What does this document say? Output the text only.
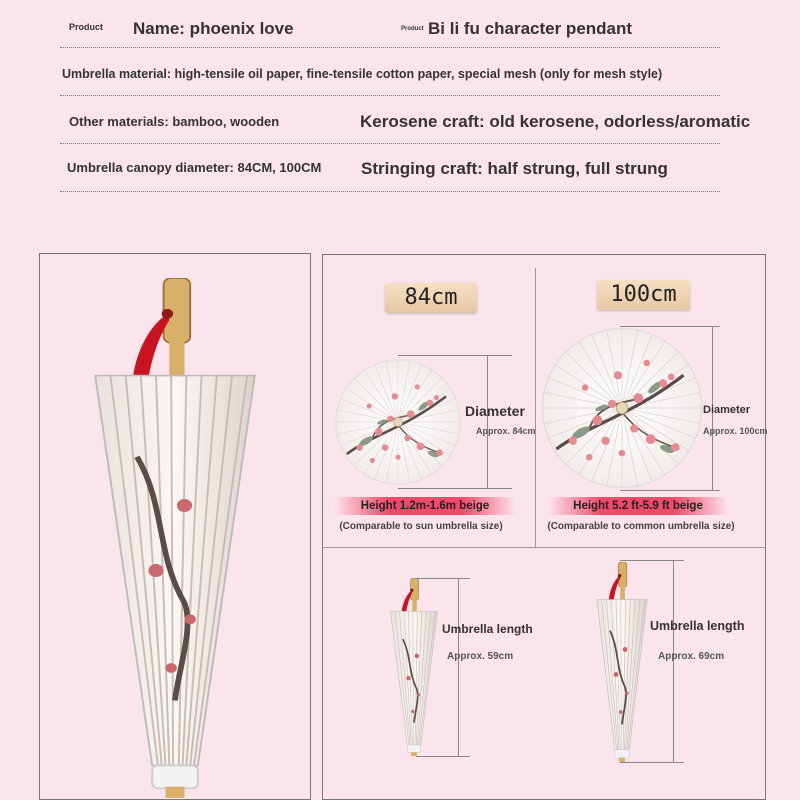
Product Name: phoenix love	Product Bi li fu character pendant
Umbrella material: high-tensile oil paper, fine-tensile cotton paper, special mesh (only for mesh style)
Other materials: bamboo, wooden	Kerosene craft: old kerosene, odorless/aromatic
Umbrella canopy diameter: 84CM, 100CM Stringing craft: half strung, full strung
84cm
Diameter
Approx. 84cm
Height 1.2m-1.6m beige
(Comparable to sun umbrella size)
100cm
Diameter
Approx. 100cm
Height 5.2 ft-5.9 ft beige
(Comparable to common umbrella size)
Umbrella length
Approx. 59cm
Umbrella length
Approx. 69cm
